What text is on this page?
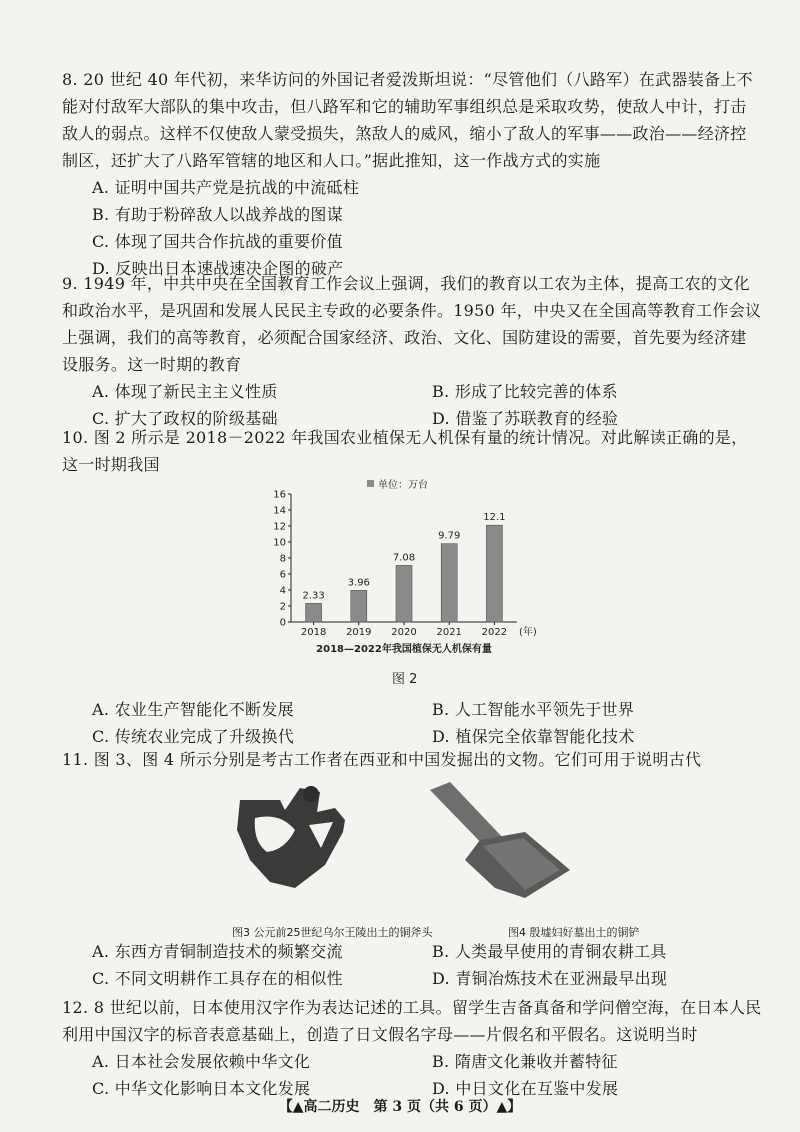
8. 20 世纪 40 年代初，来华访问的外国记者爱泼斯坦说：“尽管他们（八路军）在武器装备上不能对付敌军大部队的集中攻击，但八路军和它的辅助军事组织总是采取攻势，使敌人中计，打击敌人的弱点。这样不仅使敌人蒙受损失，煞敌人的威风，缩小了敌人的军事——政治——经济控制区，还扩大了八路军管辖的地区和人口。”据此推知，这一作战方式的实施

A. 证明中国共产党是抗战的中流砥柱
B. 有助于粉碎敌人以战养战的图谋
C. 体现了国共合作抗战的重要价值
D. 反映出日本速战速决企图的破产

9. 1949 年，中共中央在全国教育工作会议上强调，我们的教育以工农为主体，提高工农的文化和政治水平，是巩固和发展人民民主专政的必要条件。1950 年，中央又在全国高等教育工作会议上强调，我们的高等教育，必须配合国家经济、政治、文化、国防建设的需要，首先要为经济建设服务。这一时期的教育

A. 体现了新民主主义性质	B. 形成了比较完善的体系
C. 扩大了政权的阶级基础	D. 借鉴了苏联教育的经验

10. 图 2 所示是 2018－2022 年我国农业植保无人机保有量的统计情况。对此解读正确的是，这一时期我国

单位：万台
0
2
4
6
8
10
12
14
16
2.33
2018
3.96
2019
7.08
2020
9.79
2021
12.1
2022 (年)
2018—2022年我国植保无人机保有量
图 2
A. 农业生产智能化不断发展	B. 人工智能水平领先于世界
C. 传统农业完成了升级换代	D. 植保完全依靠智能化技术

11. 图 3、图 4 所示分别是考古工作者在西亚和中国发掘出的文物。它们可用于说明古代

图3 公元前25世纪乌尔王陵出土的铜斧头	图4 殷墟妇好墓出土的铜铲
A. 东西方青铜制造技术的频繁交流	B. 人类最早使用的青铜农耕工具
C. 不同文明耕作工具存在的相似性	D. 青铜冶炼技术在亚洲最早出现

12. 8 世纪以前，日本使用汉字作为表达记述的工具。留学生吉备真备和学问僧空海，在日本人民利用中国汉字的标音表意基础上，创造了日文假名字母——片假名和平假名。这说明当时

A. 日本社会发展依赖中华文化	B. 隋唐文化兼收并蓄特征
C. 中华文化影响日本文化发展	D. 中日文化在互鉴中发展
【▲高二历史　第 3 页（共 6 页）▲】
